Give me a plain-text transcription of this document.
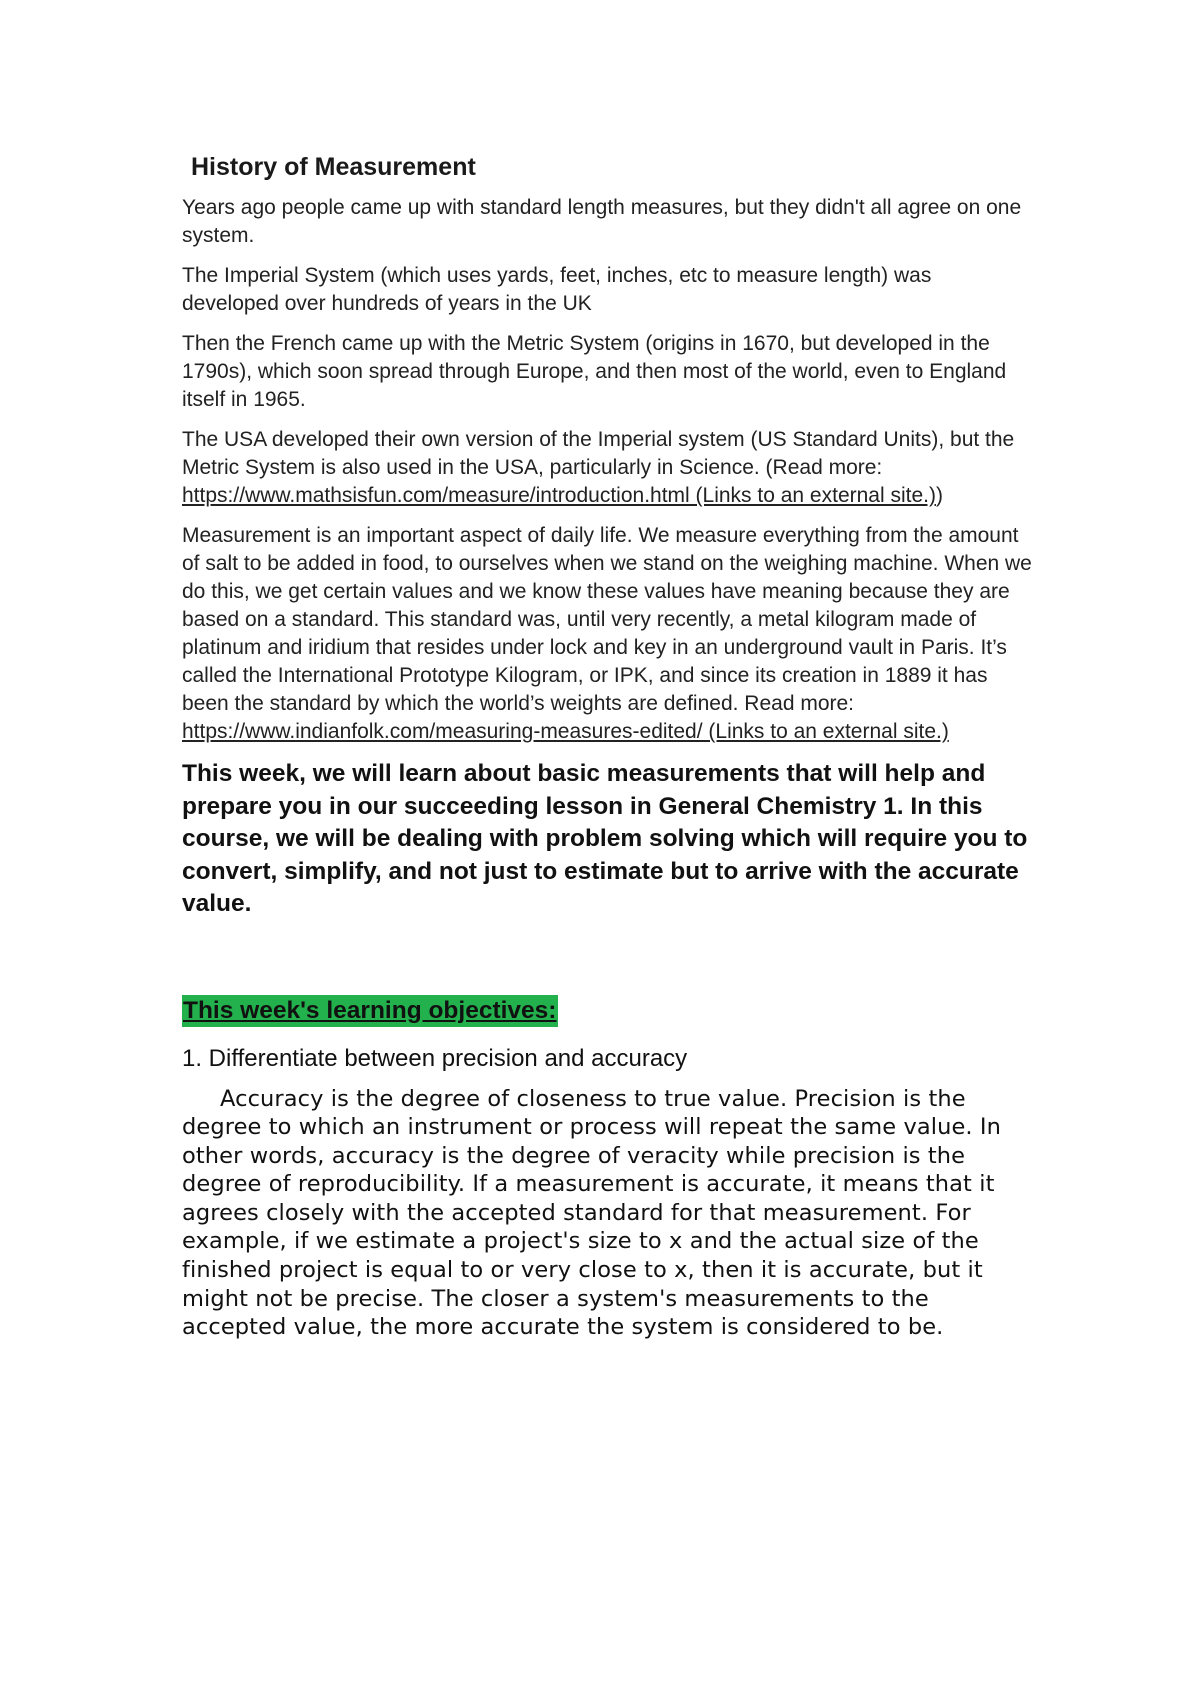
History of Measurement

Years ago people came up with standard length measures, but they didn't all agree on one system.

The Imperial System (which uses yards, feet, inches, etc to measure length) was developed over hundreds of years in the UK

Then the French came up with the Metric System (origins in 1670, but developed in the 1790s), which soon spread through Europe, and then most of the world, even to England itself in 1965.

The USA developed their own version of the Imperial system (US Standard Units), but the Metric System is also used in the USA, particularly in Science. (Read more: https://www.mathsisfun.com/measure/introduction.html (Links to an external site.))

Measurement is an important aspect of daily life. We measure everything from the amount of salt to be added in food, to ourselves when we stand on the weighing machine. When we do this, we get certain values and we know these values have meaning because they are based on a standard. This standard was, until very recently, a metal kilogram made of platinum and iridium that resides under lock and key in an underground vault in Paris. It’s called the International Prototype Kilogram, or IPK, and since its creation in 1889 it has been the standard by which the world’s weights are defined. Read more: https://www.indianfolk.com/measuring-measures-edited/ (Links to an external site.)

This week, we will learn about basic measurements that will help and prepare you in our succeeding lesson in General Chemistry 1. In this course, we will be dealing with problem solving which will require you to convert, simplify, and not just to estimate but to arrive with the accurate value.

This week's learning objectives:
1. Differentiate between precision and accuracy

Accuracy is the degree of closeness to true value. Precision is the degree to which an instrument or process will repeat the same value. In other words, accuracy is the degree of veracity while precision is the degree of reproducibility. If a measurement is accurate, it means that it agrees closely with the accepted standard for that measurement. For example, if we estimate a project's size to x and the actual size of the finished project is equal to or very close to x, then it is accurate, but it might not be precise. The closer a system's measurements to the accepted value, the more accurate the system is considered to be.
